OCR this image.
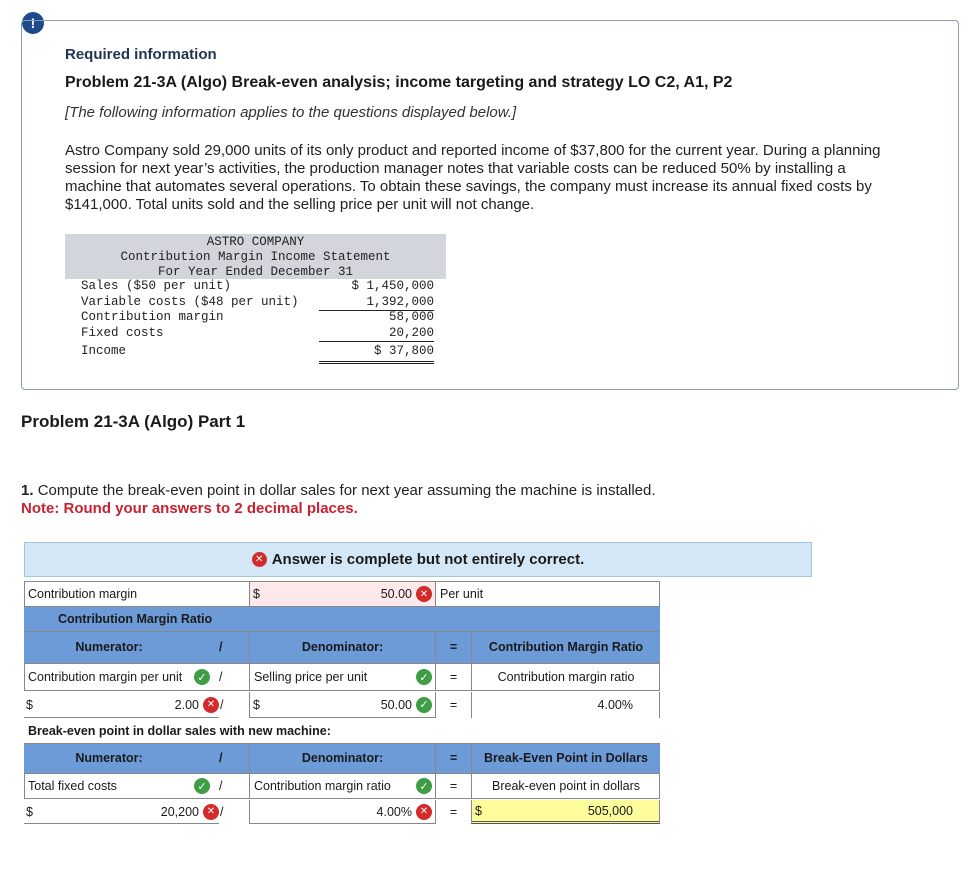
!
Required information
Problem 21-3A (Algo) Break-even analysis; income targeting and strategy LO C2, A1, P2
[The following information applies to the questions displayed below.]
Astro Company sold 29,000 units of its only product and reported income of $37,800 for the current year. During a planning session for next year’s activities, the production manager notes that variable costs can be reduced 50% by installing a machine that automates several operations. To obtain these savings, the company must increase its annual fixed costs by $141,000. Total units sold and the selling price per unit will not change.
ASTRO COMPANY
Contribution Margin Income Statement
For Year Ended December 31
Sales ($50 per unit)	$ 1,450,000
Variable costs ($48 per unit)	1,392,000
Contribution margin	58,000
Fixed costs	20,200
Income	$ 37,800
Problem 21-3A (Algo) Part 1
1. Compute the break-even point in dollar sales for next year assuming the machine is installed.
Note: Round your answers to 2 decimal places.
✕ Answer is complete but not entirely correct.
Contribution margin	$	50.00 ✕ Per unit
Contribution Margin Ratio
Numerator:	/	Denominator:	=	Contribution Margin Ratio
Contribution margin per unit	✓ /	Selling price per unit	✓	=	Contribution margin ratio
$	2.00 ✕ /	$	50.00 ✓	=	4.00%
Break-even point in dollar sales with new machine:
Numerator:	/	Denominator:	=	Break-Even Point in Dollars
Total fixed costs	✓ /	Contribution margin ratio	✓	=	Break-even point in dollars
$	20,200 ✕ /	4.00% ✕	=	$	505,000
